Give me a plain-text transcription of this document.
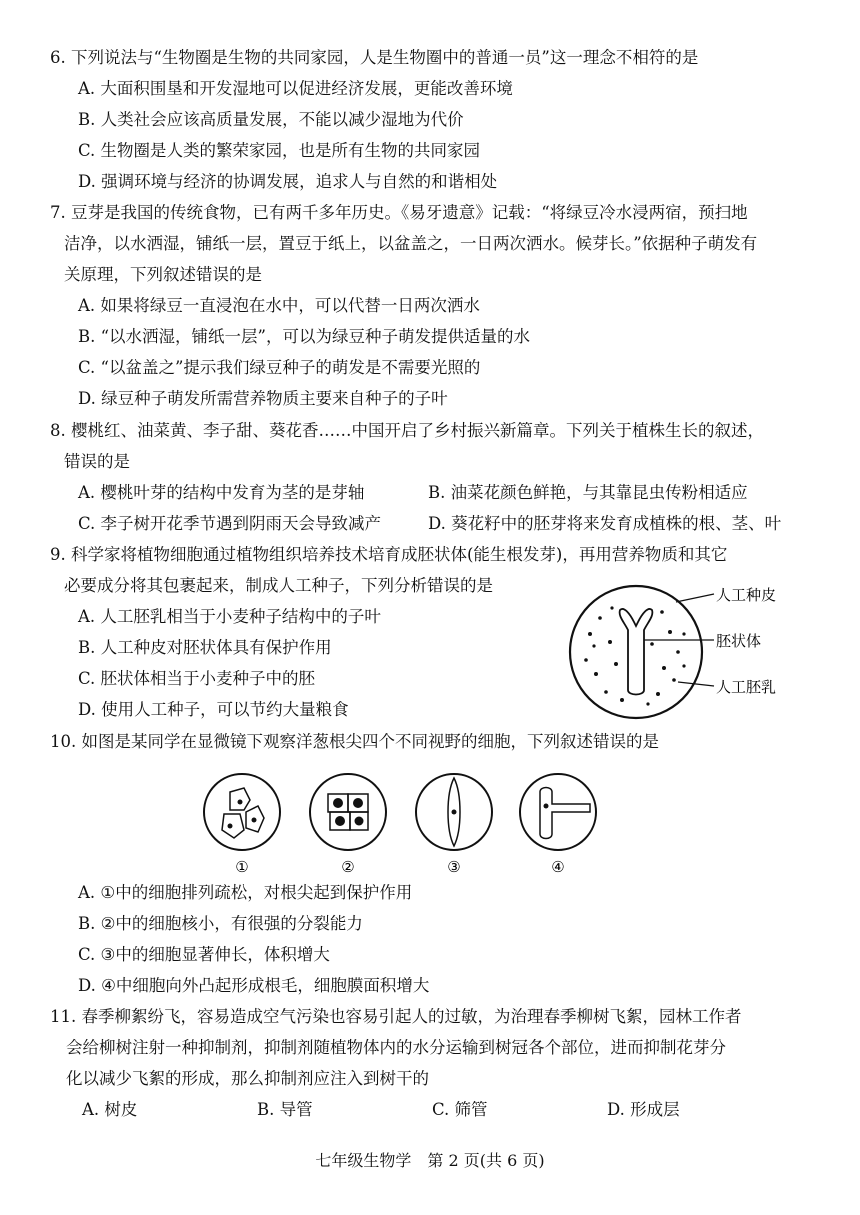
6. 下列说法与“生物圈是生物的共同家园，人是生物圈中的普通一员”这一理念不相符的是
A. 大面积围垦和开发湿地可以促进经济发展，更能改善环境
B. 人类社会应该高质量发展，不能以减少湿地为代价
C. 生物圈是人类的繁荣家园，也是所有生物的共同家园
D. 强调环境与经济的协调发展，追求人与自然的和谐相处
7. 豆芽是我国的传统食物，已有两千多年历史。《易牙遗意》记载：“将绿豆冷水浸两宿，预扫地
洁净，以水洒湿，铺纸一层，置豆于纸上，以盆盖之，一日两次洒水。候芽长。”依据种子萌发有
关原理，下列叙述错误的是
A. 如果将绿豆一直浸泡在水中，可以代替一日两次洒水
B. “以水洒湿，铺纸一层”，可以为绿豆种子萌发提供适量的水
C. “以盆盖之”提示我们绿豆种子的萌发是不需要光照的
D. 绿豆种子萌发所需营养物质主要来自种子的子叶
8. 樱桃红、油菜黄、李子甜、葵花香……中国开启了乡村振兴新篇章。下列关于植株生长的叙述，
错误的是
A. 樱桃叶芽的结构中发育为茎的是芽轴	B. 油菜花颜色鲜艳，与其靠昆虫传粉相适应
C. 李子树开花季节遇到阴雨天会导致减产	D. 葵花籽中的胚芽将来发育成植株的根、茎、叶
9. 科学家将植物细胞通过植物组织培养技术培育成胚状体(能生根发芽)，再用营养物质和其它
必要成分将其包裹起来，制成人工种子，下列分析错误的是
A. 人工胚乳相当于小麦种子结构中的子叶
B. 人工种皮对胚状体具有保护作用
C. 胚状体相当于小麦种子中的胚
D. 使用人工种子，可以节约大量粮食
人工种皮
胚状体
人工胚乳
10. 如图是某同学在显微镜下观察洋葱根尖四个不同视野的细胞，下列叙述错误的是
①	②	③	④
A. ①中的细胞排列疏松，对根尖起到保护作用
B. ②中的细胞核小，有很强的分裂能力
C. ③中的细胞显著伸长，体积增大
D. ④中细胞向外凸起形成根毛，细胞膜面积增大
11. 春季柳絮纷飞，容易造成空气污染也容易引起人的过敏，为治理春季柳树飞絮，园林工作者
会给柳树注射一种抑制剂，抑制剂随植物体内的水分运输到树冠各个部位，进而抑制花芽分
化以减少飞絮的形成，那么抑制剂应注入到树干的
A. 树皮	B. 导管	C. 筛管	D. 形成层
七年级生物学　第 2 页(共 6 页)
